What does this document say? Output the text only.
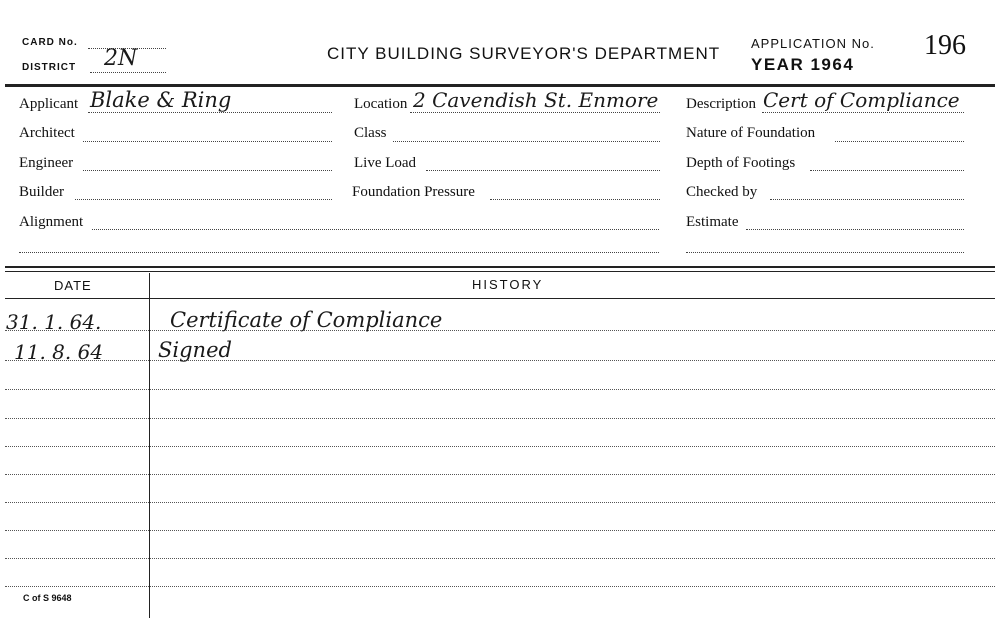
CARD No.
DISTRICT 2N	CITY BUILDING SURVEYOR'S DEPARTMENT
APPLICATION No.
YEAR 1964
196
Applicant Blake & Ring
Architect
Engineer
Builder
Alignment
Location 2 Cavendish St. Enmore
Class
Live Load
Foundation Pressure
Description Cert of Compliance
Nature of Foundation
Depth of Footings
Checked by
Estimate
DATE	HISTORY
31. 1. 64.	Certificate of Compliance
11. 8. 64	Signed
C of S 9648
